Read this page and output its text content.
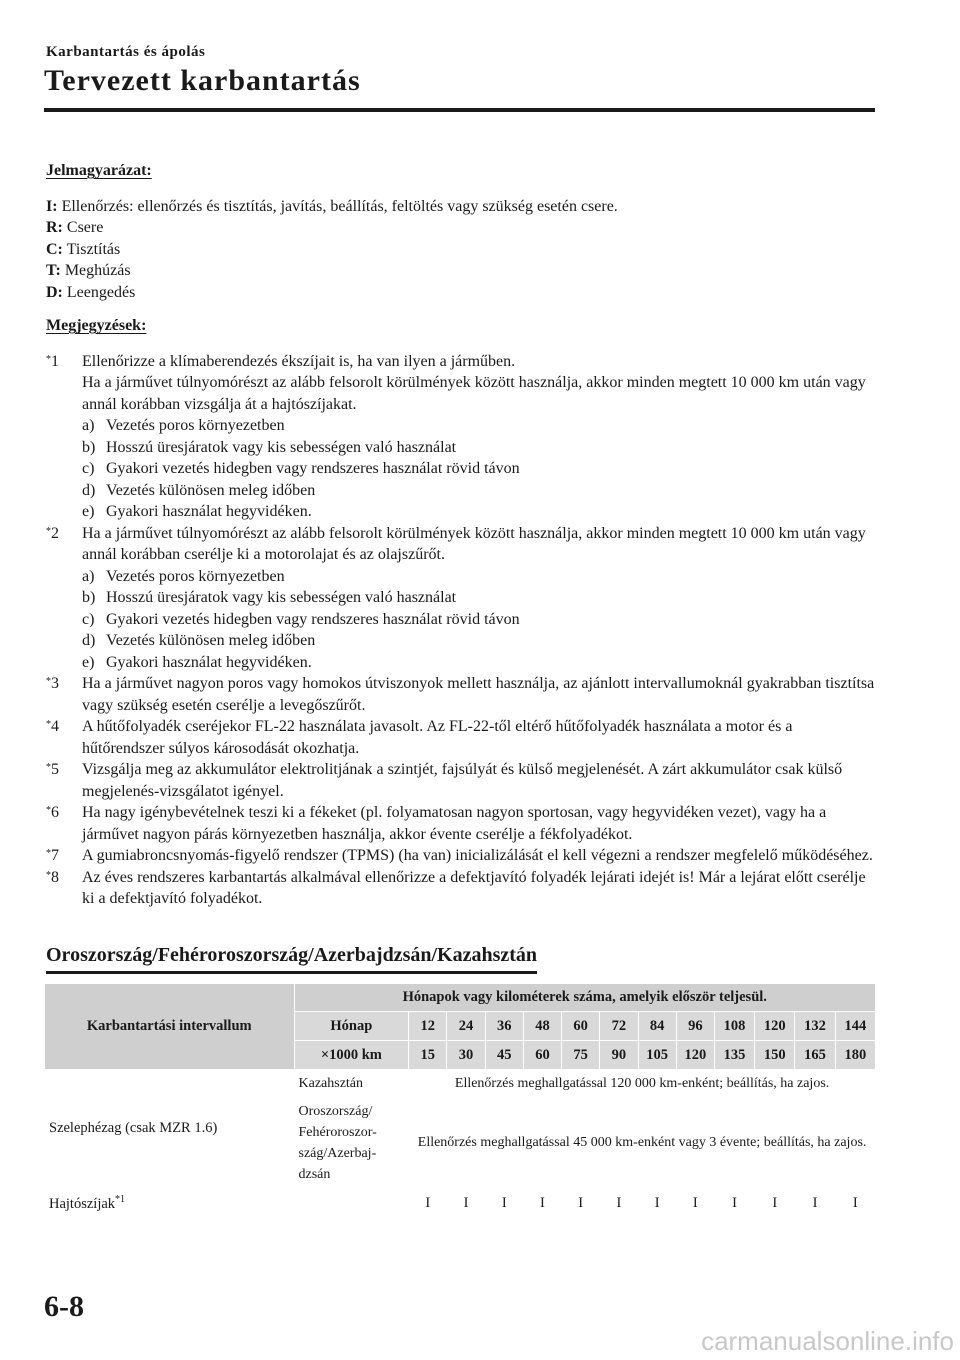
Karbantartás és ápolás
Tervezett karbantartás
Jelmagyarázat:

I: Ellenőrzés: ellenőrzés és tisztítás, javítás, beállítás, feltöltés vagy szükség esetén csere.

R: Csere

C: Tisztítás

T: Meghúzás

D: Leengedés

Megjegyzések:
*1 Ellenőrizze a klímaberendezés ékszíjait is, ha van ilyen a járműben.

Ha a járművet túlnyomórészt az alább felsorolt körülmények között használja, akkor minden megtett 10 000 km után vagy annál korábban vizsgálja át a hajtószíjakat.

a) Vezetés poros környezetben

b) Hosszú üresjáratok vagy kis sebességen való használat

c) Gyakori vezetés hidegben vagy rendszeres használat rövid távon

d) Vezetés különösen meleg időben

e) Gyakori használat hegyvidéken.

*2 Ha a járművet túlnyomórészt az alább felsorolt körülmények között használja, akkor minden megtett 10 000 km után vagy annál korábban cserélje ki a motorolajat és az olajszűrőt.

a) Vezetés poros környezetben

b) Hosszú üresjáratok vagy kis sebességen való használat

c) Gyakori vezetés hidegben vagy rendszeres használat rövid távon

d) Vezetés különösen meleg időben

e) Gyakori használat hegyvidéken.

*3 Ha a járművet nagyon poros vagy homokos útviszonyok mellett használja, az ajánlott intervallumoknál gyakrabban tisztítsa vagy szükség esetén cserélje a levegőszűrőt.

*4 A hűtőfolyadék cseréjekor FL-22 használata javasolt. Az FL-22-től eltérő hűtőfolyadék használata a motor és a hűtőrendszer súlyos károsodását okozhatja.

*5 Vizsgálja meg az akkumulátor elektrolitjának a szintjét, fajsúlyát és külső megjelenését. A zárt akkumulátor csak külső megjelenés-vizsgálatot igényel.

*6 Ha nagy igénybevételnek teszi ki a fékeket (pl. folyamatosan nagyon sportosan, vagy hegyvidéken vezet), vagy ha a járművet nagyon párás környezetben használja, akkor évente cserélje a fékfolyadékot.

*7 A gumiabroncsnyomás-figyelő rendszer (TPMS) (ha van) inicializálását el kell végezni a rendszer megfelelő működéséhez.

*8 Az éves rendszeres karbantartás alkalmával ellenőrizze a defektjavító folyadék lejárati idejét is! Már a lejárat előtt cserélje ki a defektjavító folyadékot.

Oroszország/Fehéroroszország/Azerbajdzsán/Kazahsztán
Karbantartási intervallum	Hónapok vagy kilométerek száma, amelyik először teljesül.												
	Hónap	12	24	36	48	60	72	84	96	108	120	132	144
	×1000 km	15	30	45	60	75	90	105	120	135	150	165	180
Szelephézag (csak MZR 1.6)	Kazahsztán	Ellenőrzés meghallgatással 120 000 km-enként; beállítás, ha zajos.											
	Oroszország/ Fehéroroszor- szág/Azerbaj- dzsán	Ellenőrzés meghallgatással 45 000 km-enként vagy 3 évente; beállítás, ha zajos.											
Hajtószíjak$^{*1}$		I	I	I	I	I	I	I	I	I	I	I	I
6-8
carmanualsonline.info
